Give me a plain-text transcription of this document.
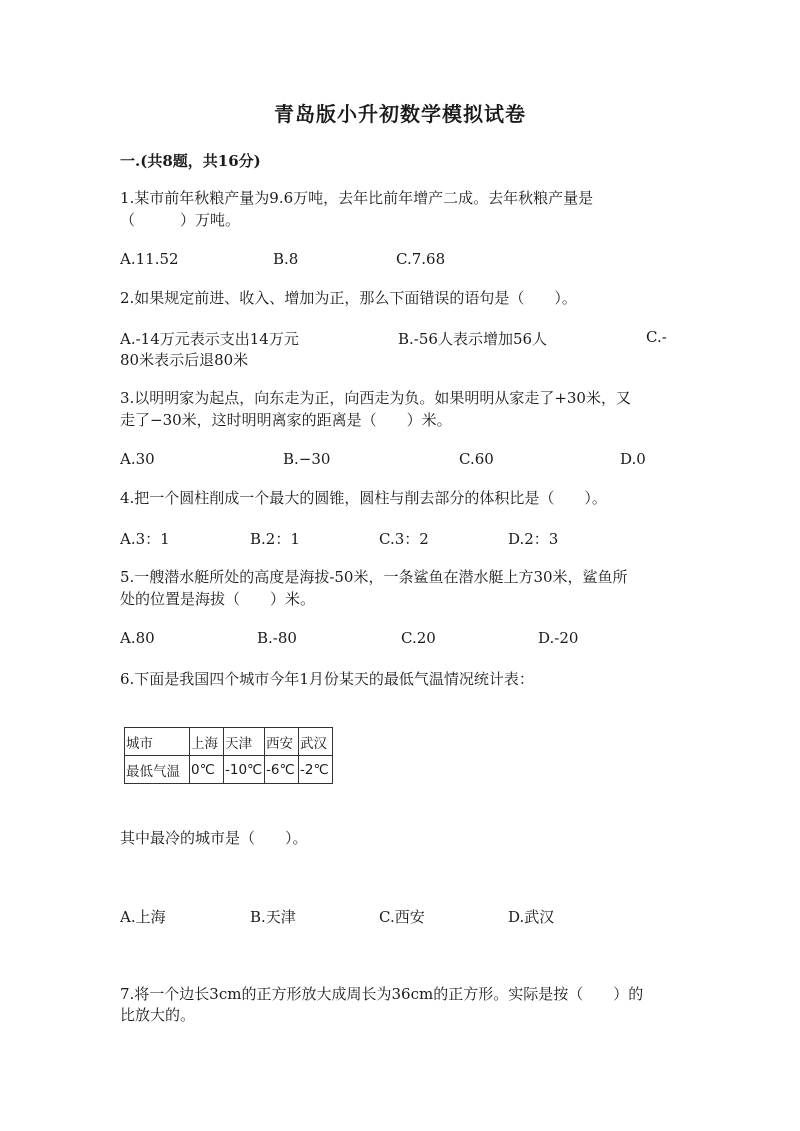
青岛版小升初数学模拟试卷
一.(共8题，共16分)
1.某市前年秋粮产量为9.6万吨，去年比前年增产二成。去年秋粮产量是
（　　　）万吨。
A.11.52	B.8	C.7.68
2.如果规定前进、收入、增加为正，那么下面错误的语句是（　　）。
A.-14万元表示支出14万元	B.-56人表示增加56人	C.-
80米表示后退80米
3.以明明家为起点，向东走为正，向西走为负。如果明明从家走了+30米，又
走了−30米，这时明明离家的距离是（　　）米。
A.30	B.−30	C.60	D.0
4.把一个圆柱削成一个最大的圆锥，圆柱与削去部分的体积比是（　　）。
A.3：1	B.2：1	C.3：2	D.2：3
5.一艘潜水艇所处的高度是海拔-50米，一条鲨鱼在潜水艇上方30米，鲨鱼所
处的位置是海拔（　　）米。
A.80	B.-80	C.20	D.-20
6.下面是我国四个城市今年1月份某天的最低气温情况统计表：
城市	上海	天津	西安	武汉
最低气温	0℃	-10℃	-6℃	-2℃
其中最冷的城市是（　　）。
A.上海	B.天津	C.西安	D.武汉
7.将一个边长3cm的正方形放大成周长为36cm的正方形。实际是按（　　）的
比放大的。
